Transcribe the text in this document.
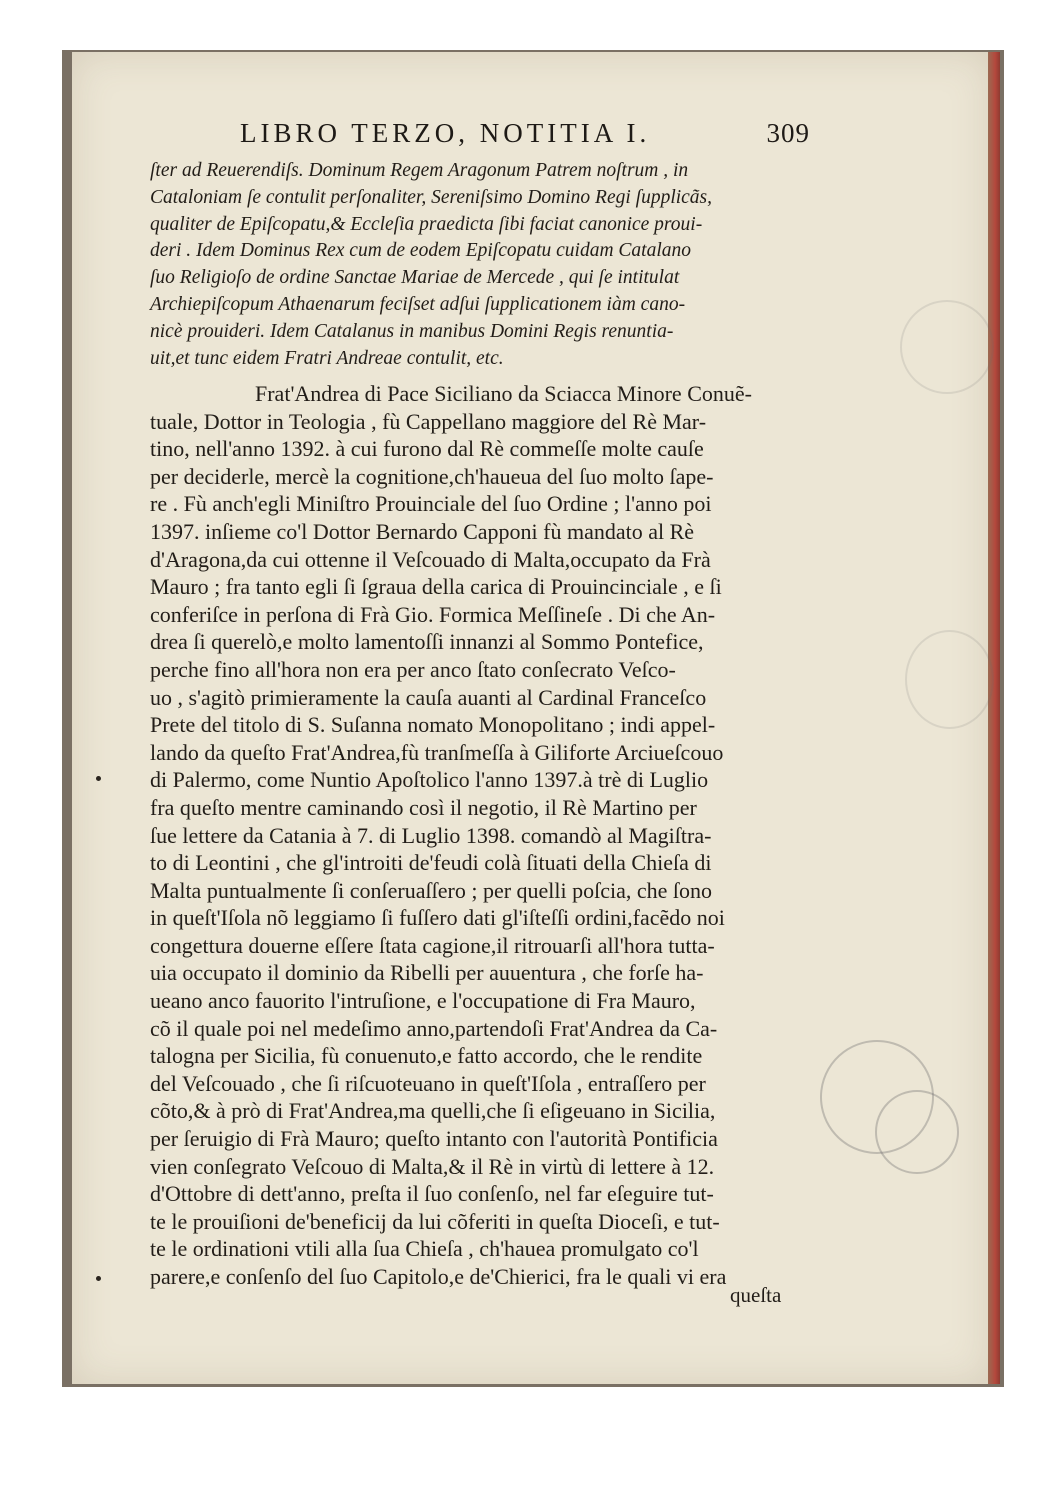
LIBRO TERZO, NOTITIA I.	309
ſter ad Reuerendiſs. Dominum Regem Aragonum Patrem noſtrum , in
Cataloniam ſe contulit perſonaliter, Sereniſsimo Domino Regi ſupplicãs,
qualiter de Epiſcopatu,& Eccleſia praedicta ſibi faciat canonice proui-
deri . Idem Dominus Rex cum de eodem Epiſcopatu cuidam Catalano
ſuo Religioſo de ordine Sanctae Mariae de Mercede , qui ſe intitulat
Archiepiſcopum Athaenarum feciſset adſui ſupplicationem iàm cano-
nicè prouideri. Idem Catalanus in manibus Domini Regis renuntia-
uit,et tunc eidem Fratri Andreae contulit, etc.
Frat'Andrea di Pace Siciliano da Sciacca Minore Conuẽ-
tuale, Dottor in Teologia , fù Cappellano maggiore del Rè Mar-
tino, nell'anno 1392. à cui furono dal Rè commeſſe molte cauſe
per deciderle, mercè la cognitione,ch'haueua del ſuo molto ſape-
re . Fù anch'egli Miniſtro Prouinciale del ſuo Ordine ; l'anno poi
1397. inſieme co'l Dottor Bernardo Capponi fù mandato al Rè
d'Aragona,da cui ottenne il Veſcouado di Malta,occupato da Frà
Mauro ; fra tanto egli ſi ſgraua della carica di Prouincinciale , e ſi
conferiſce in perſona di Frà Gio. Formica Meſſineſe . Di che An-
drea ſi querelò,e molto lamentoſſi innanzi al Sommo Pontefice,
perche fino all'hora non era per anco ſtato conſecrato Veſco-
uo , s'agitò primieramente la cauſa auanti al Cardinal Franceſco
Prete del titolo di S. Suſanna nomato Monopolitano ; indi appel-
lando da queſto Frat'Andrea,fù tranſmeſſa à Giliforte Arciueſcouo
di Palermo, come Nuntio Apoſtolico l'anno 1397.à trè di Luglio
fra queſto mentre caminando così il negotio, il Rè Martino per
ſue lettere da Catania à 7. di Luglio 1398. comandò al Magiſtra-
to di Leontini , che gl'introiti de'feudi colà ſituati della Chieſa di
Malta puntualmente ſi conſeruaſſero ; per quelli poſcia, che ſono
in queſt'Iſola nõ leggiamo ſi fuſſero dati gl'iſteſſi ordini,facẽdo noi
congettura douerne eſſere ſtata cagione,il ritrouarſi all'hora tutta-
uia occupato il dominio da Ribelli per auuentura , che forſe ha-
ueano anco fauorito l'intruſione, e l'occupatione di Fra Mauro,
cõ il quale poi nel medeſimo anno,partendoſi Frat'Andrea da Ca-
talogna per Sicilia, fù conuenuto,e fatto accordo, che le rendite
del Veſcouado , che ſi riſcuoteuano in queſt'Iſola , entraſſero per
cõto,& à prò di Frat'Andrea,ma quelli,che ſi eſigeuano in Sicilia,
per ſeruigio di Frà Mauro; queſto intanto con l'autorità Pontificia
vien conſegrato Veſcouo di Malta,& il Rè in virtù di lettere à 12.
d'Ottobre di dett'anno, preſta il ſuo conſenſo, nel far eſeguire tut-
te le prouiſioni de'beneficij da lui cõferiti in queſta Dioceſi, e tut-
te le ordinationi vtili alla ſua Chieſa , ch'hauea promulgato co'l
parere,e conſenſo del ſuo Capitolo,e de'Chierici, fra le quali vi era
queſta
